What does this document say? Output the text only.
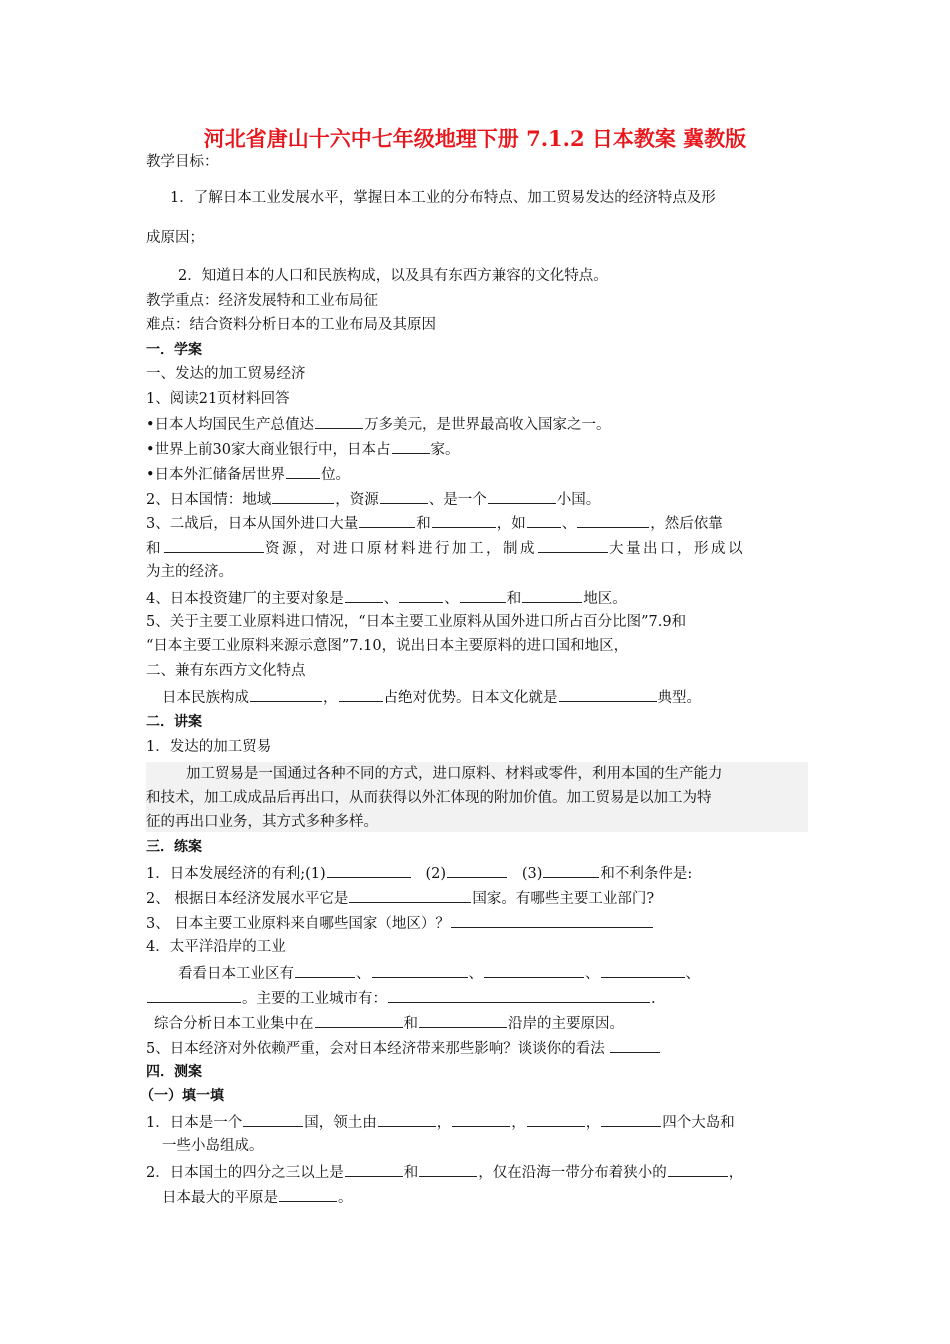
河北省唐山十六中七年级地理下册 7.1.2 日本教案 冀教版
教学目标：
1．了解日本工业发展水平，掌握日本工业的分布特点、加工贸易发达的经济特点及形
成原因；
2．知道日本的人口和民族构成，以及具有东西方兼容的文化特点。
教学重点：经济发展特和工业布局征
难点：结合资料分析日本的工业布局及其原因
一．学案
一、发达的加工贸易经济
1、阅读21页材料回答
•日本人均国民生产总值达	万多美元，是世界最高收入国家之一。
•世界上前30家大商业银行中，日本占	家。
•日本外汇储备居世界 位。
2、日本国情：地域	，资源	、是一个	小国。
3、二战后，日本从国外进口大量	和	，如 、	，然后依靠
和	资源，对进口原材料进行加工，制成	大量出口，形成以
为主的经济。
4、日本投资建厂的主要对象是	、	、	和	地区。
5、关于主要工业原料进口情况，“日本主要工业原料从国外进口所占百分比图”7.9和
“日本主要工业原料来源示意图”7.10，说出日本主要原料的进口国和地区，
二、兼有东西方文化特点
日本民族构成	，	占绝对优势。日本文化就是	典型。
二．讲案
1．发达的加工贸易
加工贸易是一国通过各种不同的方式，进口原料、材料或零件，利用本国的生产能力
和技术，加工成成品后再出口，从而获得以外汇体现的附加价值。加工贸易是以加工为特
征的再出口业务，其方式多种多样。
三．练案
1．日本发展经济的有利;(1)	(2)	(3)	和不利条件是:
2、 根据日本经济发展水平它是	国家。有哪些主要工业部门?
3、 日本主要工业原料来自哪些国家（地区）？
4．太平洋沿岸的工业
看看日本工业区有	、	、	、	、
。主要的工业城市有：	.
综合分析日本工业集中在	和	沿岸的主要原因。
5、日本经济对外依赖严重，会对日本经济带来那些影响？谈谈你的看法
四．测案
（一）填一填
1．日本是一个	国，领土由	，	，	，	四个大岛和
一些小岛组成。
2．日本国土的四分之三以上是	和	，仅在沿海一带分布着狭小的	，
日本最大的平原是	。
